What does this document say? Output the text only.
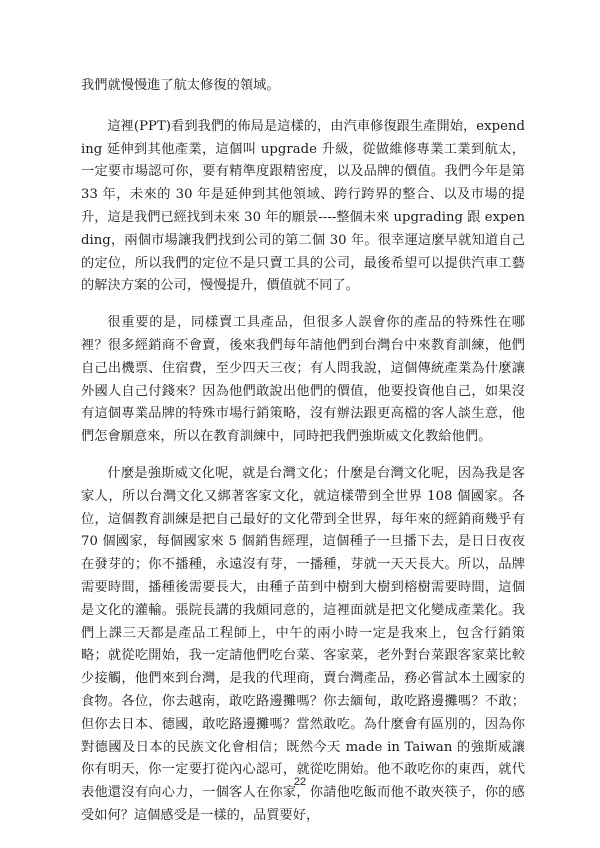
我們就慢慢進了航太修復的領域。

這裡(PPT)看到我們的佈局是這樣的，由汽車修復跟生產開始，expending 延伸到其他產業，這個叫 upgrade 升級，從做維修專業工業到航太，一定要市場認可你，要有精準度跟精密度，以及品牌的價值。我們今年是第 33 年，未來的 30 年是延伸到其他領域、跨行跨界的整合、以及市場的提升，這是我們已經找到未來 30 年的願景----整個未來 upgrading 跟 expending，兩個市場讓我們找到公司的第二個 30 年。很幸運這麼早就知道自己的定位，所以我們的定位不是只賣工具的公司，最後希望可以提供汽車工藝的解決方案的公司，慢慢提升，價值就不同了。

很重要的是，同樣賣工具產品，但很多人誤會你的產品的特殊性在哪裡？很多經銷商不會賣，後來我們每年請他們到台灣台中來教育訓練，他們自己出機票、住宿費，至少四天三夜；有人問我說，這個傳統產業為什麼讓外國人自己付錢來？因為他們敢說出他們的價值，他要投資他自己，如果沒有這個專業品牌的特殊市場行銷策略，沒有辦法跟更高檔的客人談生意，他們怎會願意來，所以在教育訓練中，同時把我們強斯威文化教給他們。

什麼是強斯威文化呢，就是台灣文化；什麼是台灣文化呢，因為我是客家人，所以台灣文化又綁著客家文化，就這樣帶到全世界 108 個國家。各位，這個教育訓練是把自己最好的文化帶到全世界，每年來的經銷商幾乎有 70 個國家，每個國家來 5 個銷售經理，這個種子一旦播下去，是日日夜夜在發芽的；你不播種，永遠沒有芽，一播種，芽就一天天長大。所以，品牌需要時間，播種後需要長大，由種子苗到中樹到大樹到榕樹需要時間，這個是文化的灌輸。張院長講的我頗同意的，這裡面就是把文化變成產業化。我們上課三天都是產品工程師上，中午的兩小時一定是我來上，包含行銷策略；就從吃開始，我一定請他們吃台菜、客家菜，老外對台菜跟客家菜比較少接觸，他們來到台灣，是我的代理商，賣台灣產品，務必嘗試本土國家的食物。各位，你去越南，敢吃路邊攤嗎？你去緬甸，敢吃路邊攤嗎？不敢；但你去日本、德國，敢吃路邊攤嗎？當然敢吃。為什麼會有區別的，因為你對德國及日本的民族文化會相信；既然今天 made in Taiwan 的強斯威讓你有明天，你一定要打從內心認可，就從吃開始。他不敢吃你的東西，就代表他還沒有向心力，一個客人在你家，你請他吃飯而他不敢夾筷子，你的感受如何？這個感受是一樣的，品質要好，

22
